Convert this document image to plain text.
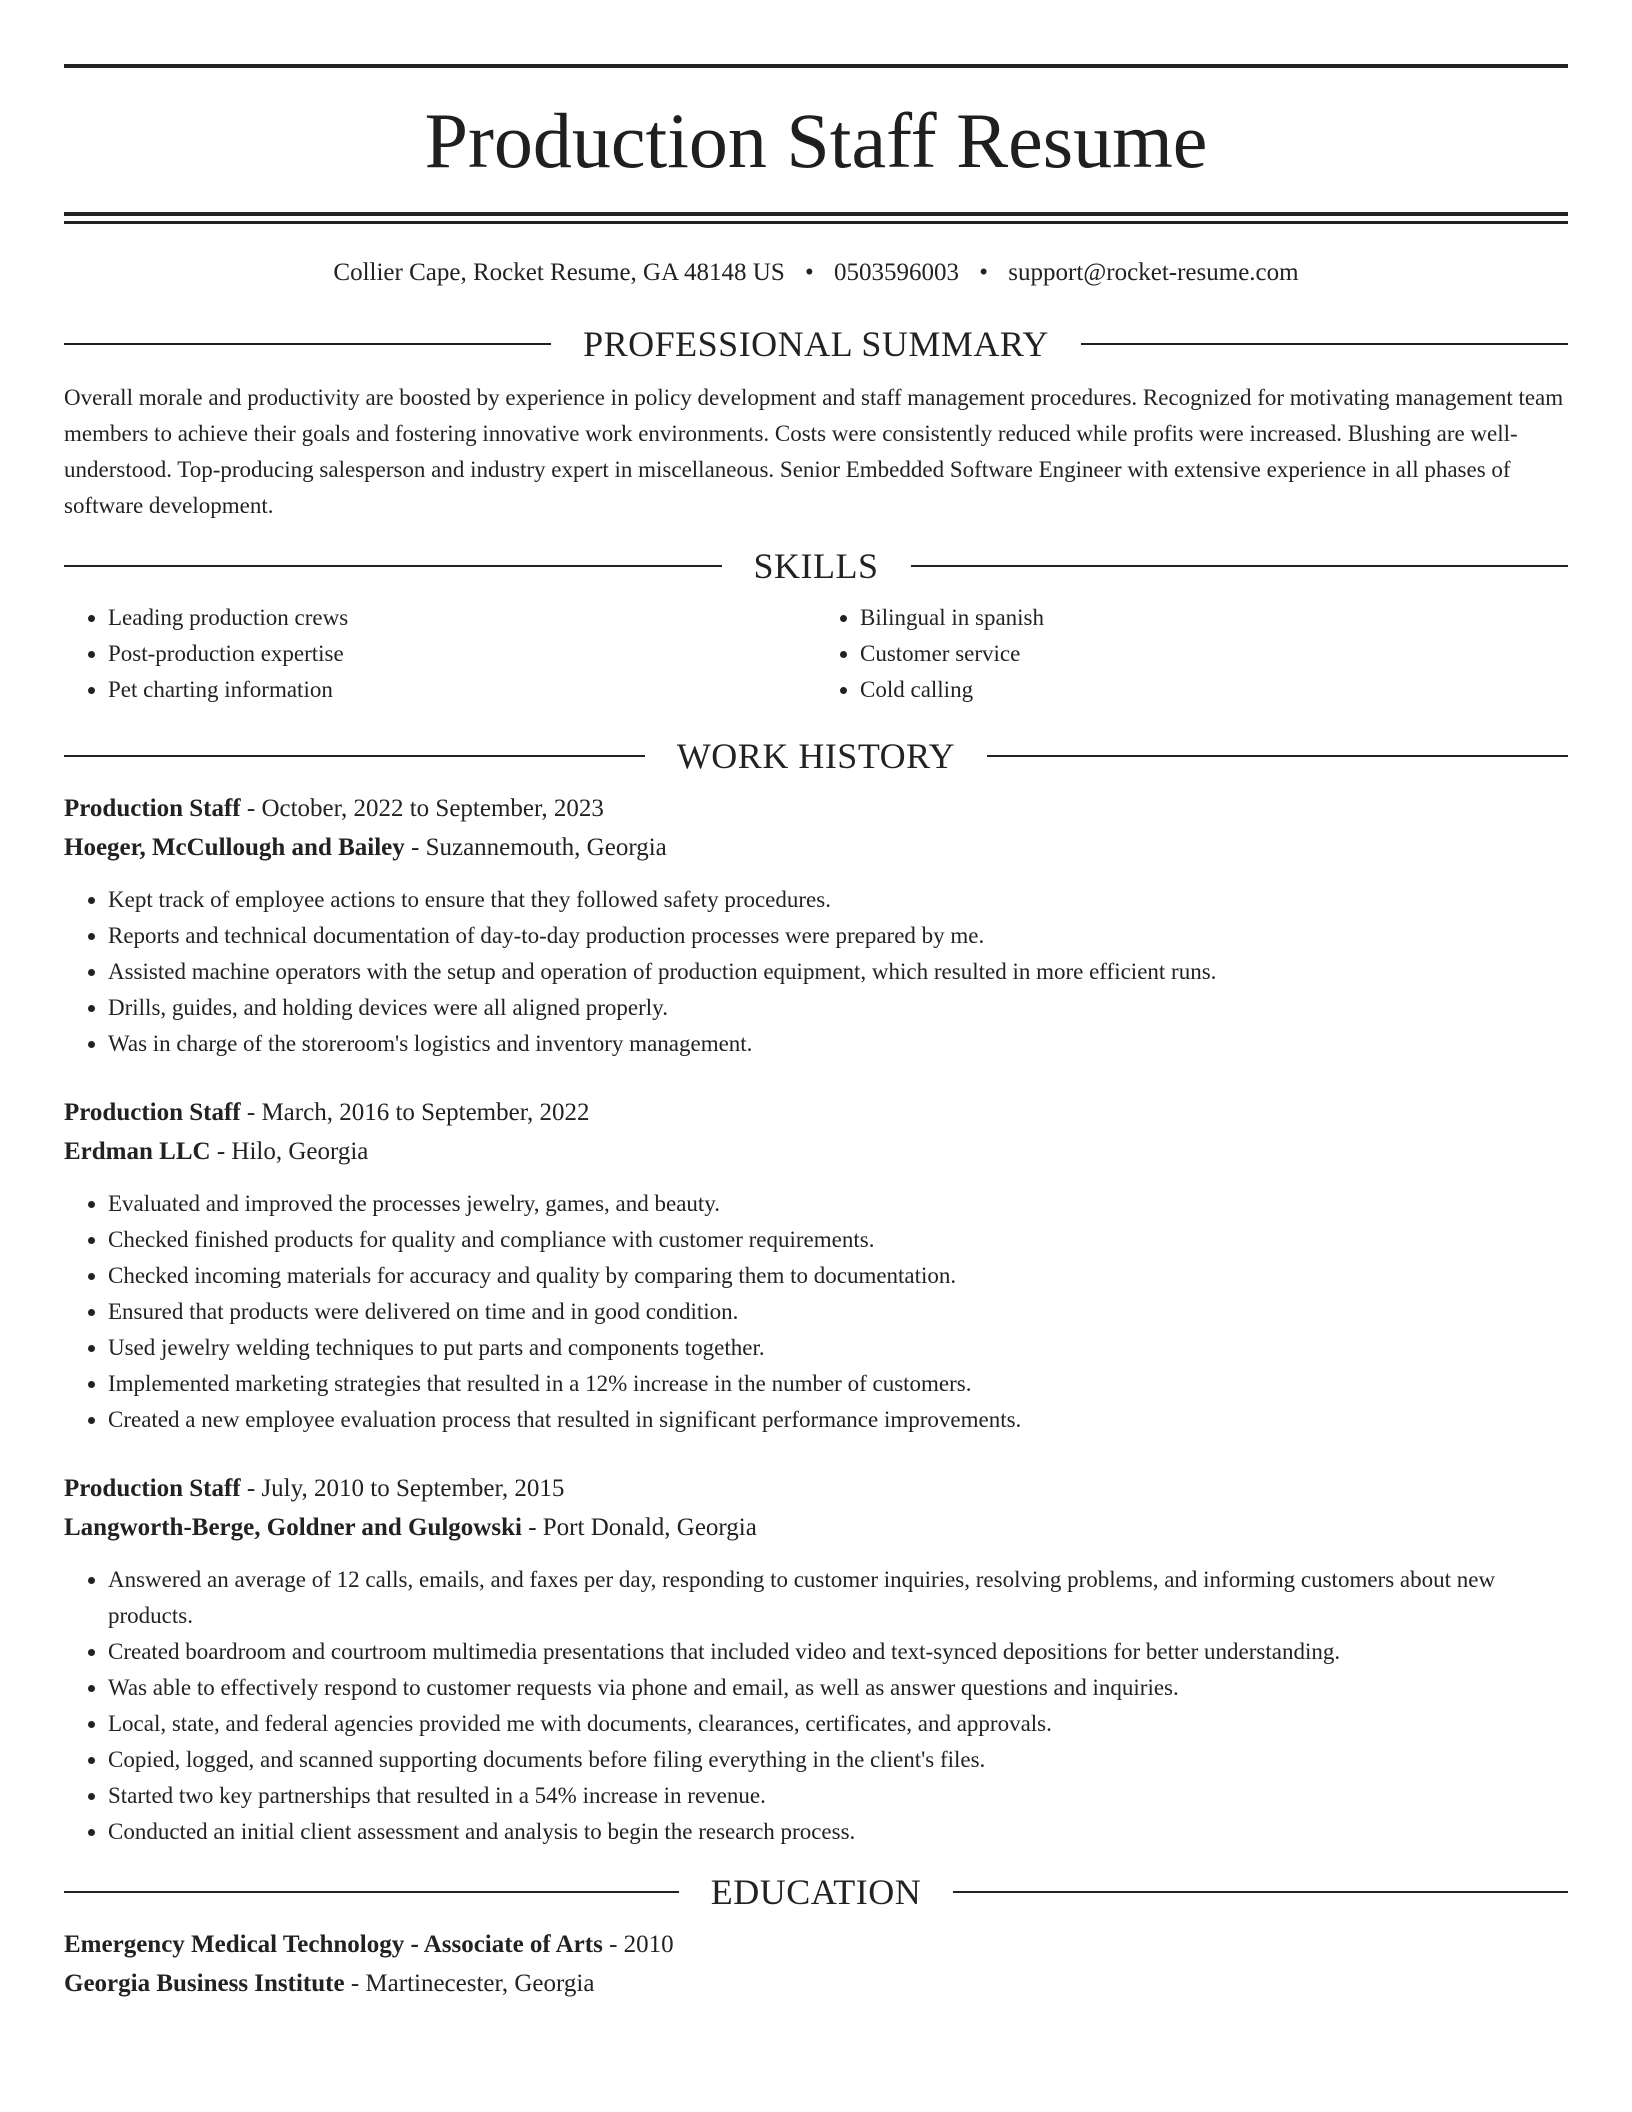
Production Staff Resume
Collier Cape, Rocket Resume, GA 48148 US • 0503596003 • support@rocket-resume.com
PROFESSIONAL SUMMARY

Overall morale and productivity are boosted by experience in policy development and staff management procedures. Recognized for motivating management team members to achieve their goals and fostering innovative work environments. Costs were consistently reduced while profits were increased. Blushing are well-understood. Top-producing salesperson and industry expert in miscellaneous. Senior Embedded Software Engineer with extensive experience in all phases of software development.

SKILLS
• Leading production crews
• Post-production expertise
• Pet charting information
• Bilingual in spanish
• Customer service
• Cold calling
WORK HISTORY

Production Staff - October, 2022 to September, 2023

Hoeger, McCullough and Bailey - Suzannemouth, Georgia

• Kept track of employee actions to ensure that they followed safety procedures.
• Reports and technical documentation of day-to-day production processes were prepared by me.
• Assisted machine operators with the setup and operation of production equipment, which resulted in more efficient runs.
• Drills, guides, and holding devices were all aligned properly.
• Was in charge of the storeroom's logistics and inventory management.

Production Staff - March, 2016 to September, 2022

Erdman LLC - Hilo, Georgia

• Evaluated and improved the processes jewelry, games, and beauty.
• Checked finished products for quality and compliance with customer requirements.
• Checked incoming materials for accuracy and quality by comparing them to documentation.
• Ensured that products were delivered on time and in good condition.
• Used jewelry welding techniques to put parts and components together.
• Implemented marketing strategies that resulted in a 12% increase in the number of customers.
• Created a new employee evaluation process that resulted in significant performance improvements.

Production Staff - July, 2010 to September, 2015

Langworth-Berge, Goldner and Gulgowski - Port Donald, Georgia

• Answered an average of 12 calls, emails, and faxes per day, responding to customer inquiries, resolving problems, and informing customers about new products.
• Created boardroom and courtroom multimedia presentations that included video and text-synced depositions for better understanding.
• Was able to effectively respond to customer requests via phone and email, as well as answer questions and inquiries.
• Local, state, and federal agencies provided me with documents, clearances, certificates, and approvals.
• Copied, logged, and scanned supporting documents before filing everything in the client's files.
• Started two key partnerships that resulted in a 54% increase in revenue.
• Conducted an initial client assessment and analysis to begin the research process.
EDUCATION

Emergency Medical Technology - Associate of Arts - 2010

Georgia Business Institute - Martinecester, Georgia
